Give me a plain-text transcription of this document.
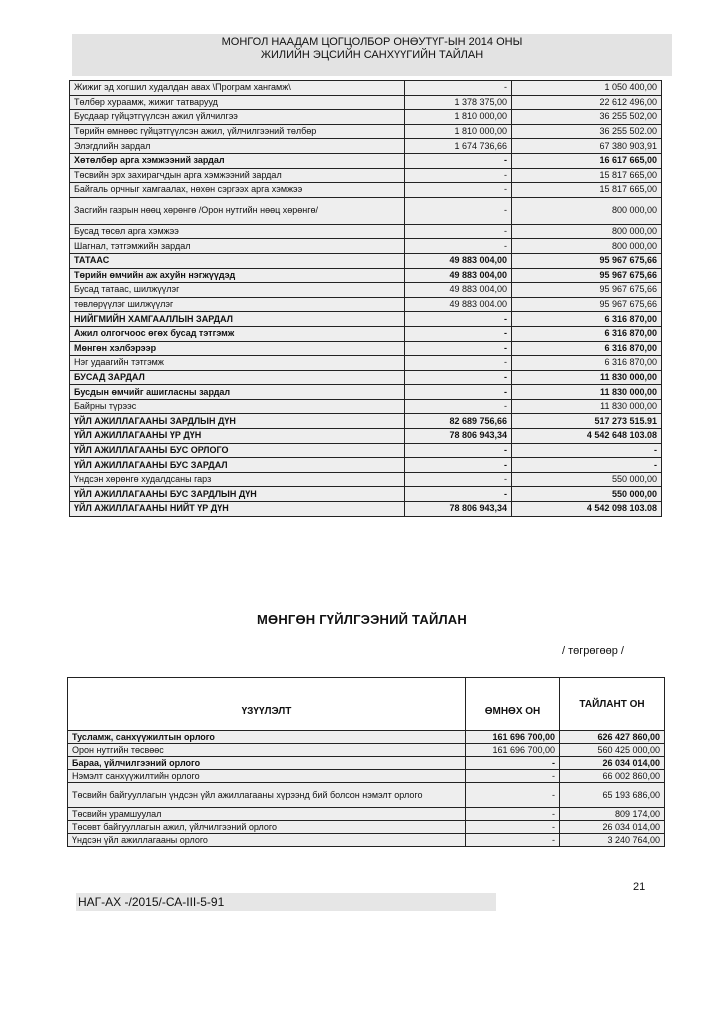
МОНГОЛ НААДАМ ЦОГЦОЛБОР ОНӨУТҮГ-ЫН 2014 ОНЫ
ЖИЛИЙН ЭЦСИЙН САНХҮҮГИЙН ТАЙЛАН
Жижиг эд хогшил худалдан авах \Програм хангамж\	-	1 050 400,00
Төлбөр хураамж, жижиг татварууд	1 378 375,00	22 612 496,00
Бусдаар гүйцэтгүүлсэн ажил үйлчилгээ	1 810 000,00	36 255 502,00
Төрийн өмнөөс гүйцэтгүүлсэн ажил, үйлчилгээний төлбөр	1 810 000,00	36 255 502.00
Элэгдлийн зардал	1 674 736,66	67 380 903,91
Хөтөлбөр арга хэмжээний зардал	-	16 617 665,00
Төсвийн эрх захирагчдын арга хэмжээний зардал	-	15 817 665,00
Байгаль орчныг хамгаалах, нөхөн сэргээх арга хэмжээ	-	15 817 665,00
Засгийн газрын нөөц хөрөнгө /Орон нутгийн нөөц хөрөнгө/	-	800 000,00
Бусад төсөл арга хэмжээ	-	800 000,00
Шагнал, тэтгэмжийн зардал	-	800 000,00
ТАТААС	49 883 004,00	95 967 675,66
Төрийн өмчийн аж ахуйн нэгжүүдэд	49 883 004,00	95 967 675,66
Бусад татаас, шилжүүлэг	49 883 004,00	95 967 675,66
төвлөрүүлэг шилжүүлэг	49 883 004.00	95 967 675,66
НИЙГМИЙН ХАМГААЛЛЫН ЗАРДАЛ	-	6 316 870,00
Ажил олгогчоос өгөх бусад тэтгэмж	-	6 316 870,00
Мөнгөн хэлбэрээр	-	6 316 870,00
Нэг удаагийн тэтгэмж	-	6 316 870,00
БУСАД ЗАРДАЛ	-	11 830 000,00
Бусдын өмчийг ашигласны зардал	-	11 830 000,00
Байрны түрээс	-	11 830 000,00
ҮЙЛ АЖИЛЛАГААНЫ ЗАРДЛЫН ДҮН	82 689 756,66	517 273 515.91
ҮЙЛ АЖИЛЛАГААНЫ ҮР ДҮН	78 806 943,34	4 542 648 103.08
ҮЙЛ АЖИЛЛАГААНЫ БУС ОРЛОГО	-	-
ҮЙЛ АЖИЛЛАГААНЫ БУС ЗАРДАЛ	-	-
Үндсэн хөрөнгө худалдсаны гарз	-	550 000,00
ҮЙЛ АЖИЛЛАГААНЫ БУС ЗАРДЛЫН ДҮН	-	550 000,00
ҮЙЛ АЖИЛЛАГААНЫ НИЙТ ҮР ДҮН	78 806 943,34	4 542 098 103.08
МӨНГӨН ГҮЙЛГЭЭНИЙ ТАЙЛАН
/ төгрөгөөр /
ҮЗҮҮЛЭЛТ	ӨМНӨХ ОН	ТАЙЛАНТ ОН
Тусламж, санхүүжилтын орлого	161 696 700,00	626 427 860,00
Орон нутгийн төсвөөс	161 696 700,00	560 425 000,00
Бараа, үйлчилгээний орлого	-	26 034 014,00
Нэмэлт санхүүжилтийн орлого	-	66 002 860,00
Төсвийн байгууллагын үндсэн үйл ажиллагааны хүрээнд бий болсон нэмэлт орлого	-	65 193 686,00
Төсвийн урамшуулал	-	809 174,00
Төсөвт байгууллагын ажил, үйлчилгээний орлого	-	26 034 014,00
Үндсэн үйл ажиллагааны орлого	-	3 240 764,00
21
НАГ-АХ -/2015/-СА-III-5-91
